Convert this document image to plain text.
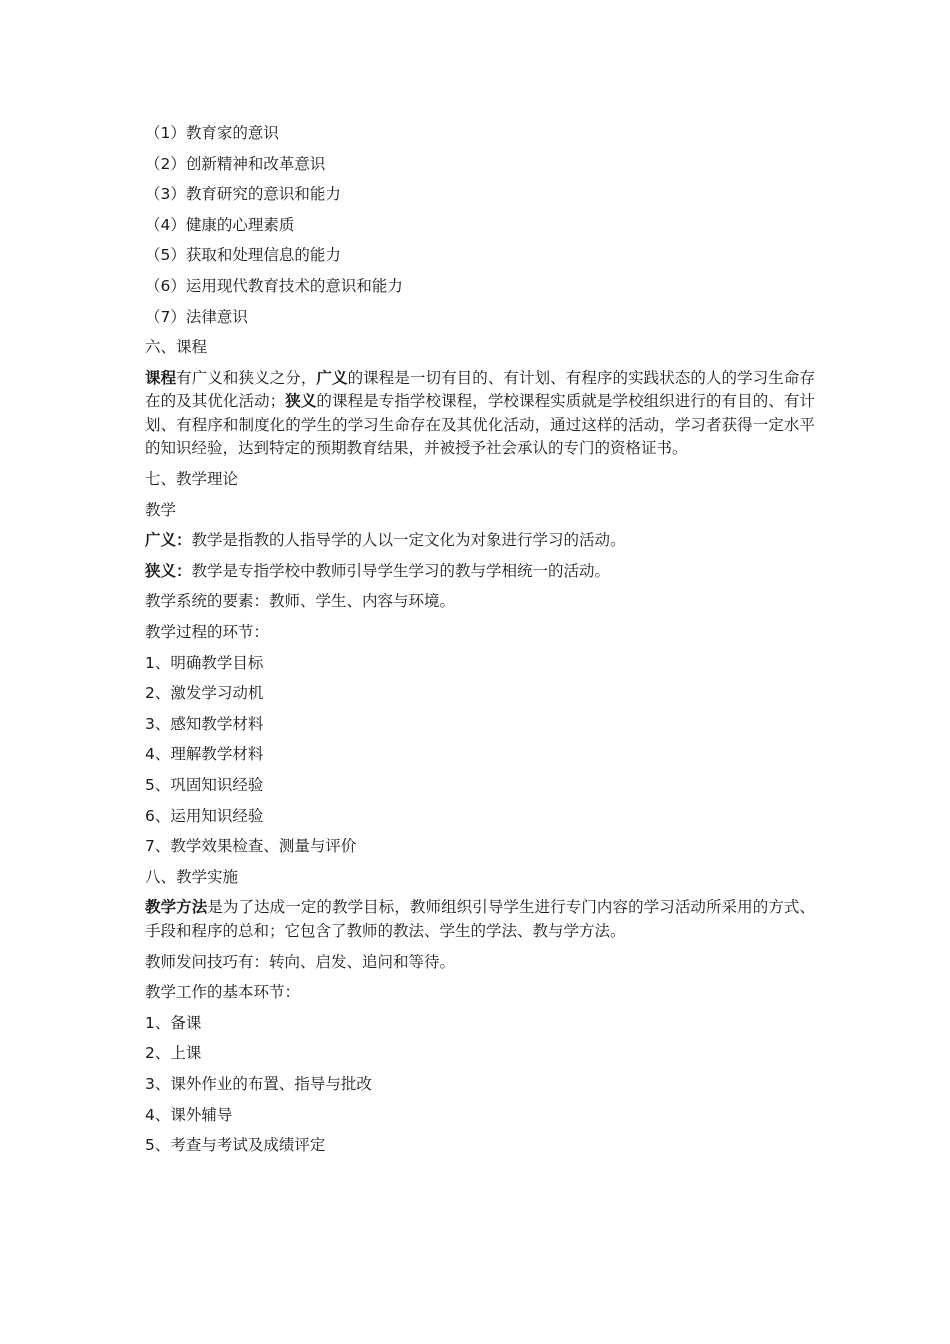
（1）教育家的意识

（2）创新精神和改革意识

（3）教育研究的意识和能力

（4）健康的心理素质

（5）获取和处理信息的能力

（6）运用现代教育技术的意识和能力

（7）法律意识

六、课程

课程有广义和狭义之分，广义的课程是一切有目的、有计划、有程序的实践状态的人的学习生命存在的及其优化活动；狭义的课程是专指学校课程，学校课程实质就是学校组织进行的有目的、有计划、有程序和制度化的学生的学习生命存在及其优化活动，通过这样的活动，学习者获得一定水平的知识经验，达到特定的预期教育结果，并被授予社会承认的专门的资格证书。

七、教学理论

教学

广义：教学是指教的人指导学的人以一定文化为对象进行学习的活动。

狭义：教学是专指学校中教师引导学生学习的教与学相统一的活动。

教学系统的要素：教师、学生、内容与环境。

教学过程的环节：

1、明确教学目标

2、激发学习动机

3、感知教学材料

4、理解教学材料

5、巩固知识经验

6、运用知识经验

7、教学效果检查、测量与评价

八、教学实施

教学方法是为了达成一定的教学目标，教师组织引导学生进行专门内容的学习活动所采用的方式、手段和程序的总和；它包含了教师的教法、学生的学法、教与学方法。

教师发问技巧有：转向、启发、追问和等待。

教学工作的基本环节：

1、备课

2、上课

3、课外作业的布置、指导与批改

4、课外辅导

5、考查与考试及成绩评定
